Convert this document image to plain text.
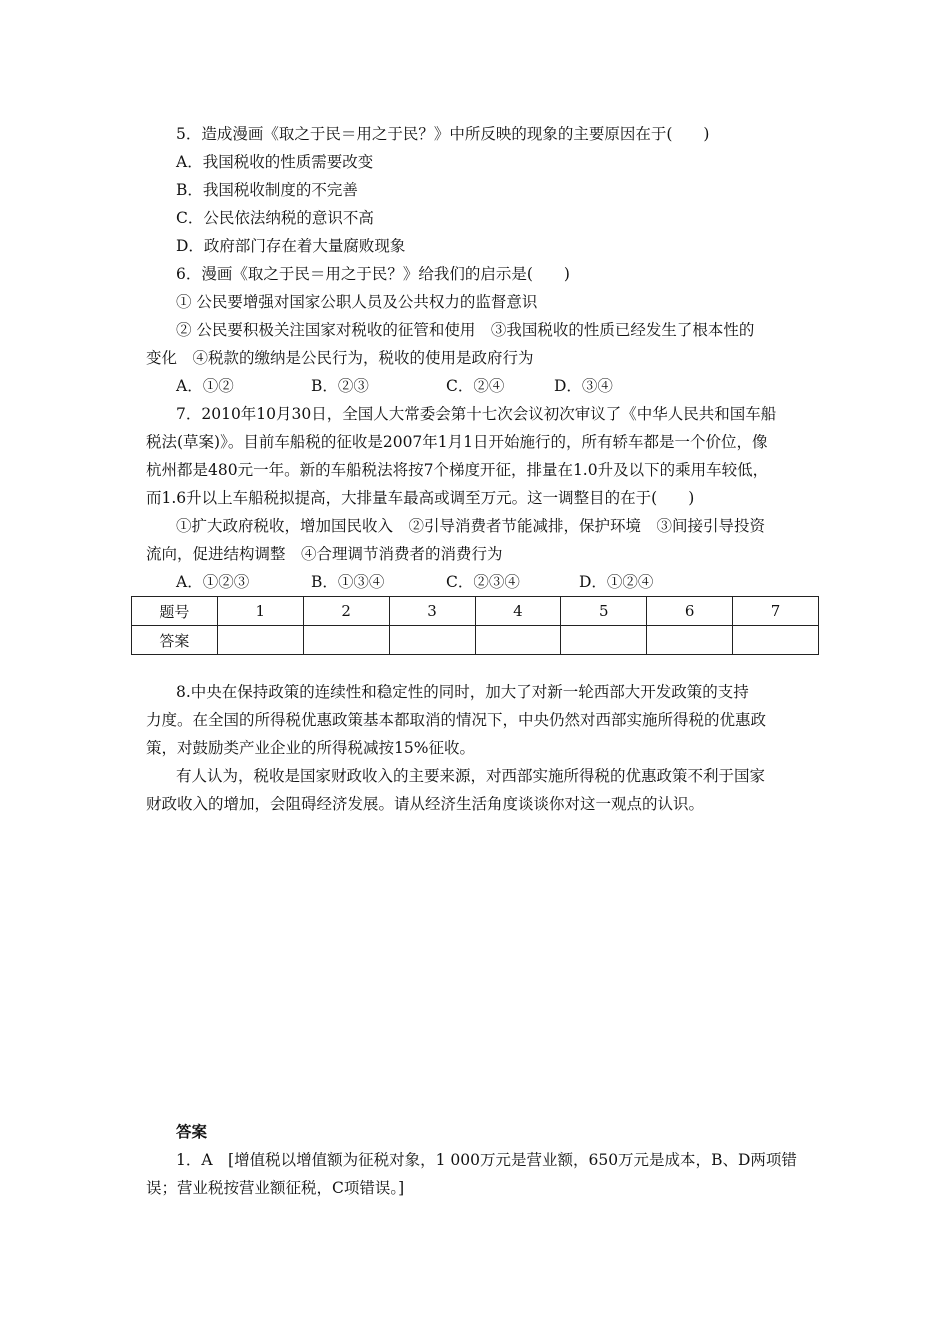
5．造成漫画《取之于民＝用之于民？》中所反映的现象的主要原因在于(　　)
A．我国税收的性质需要改变
B．我国税收制度的不完善
C．公民依法纳税的意识不高
D．政府部门存在着大量腐败现象
6．漫画《取之于民＝用之于民？》给我们的启示是(　　)
① 公民要增强对国家公职人员及公共权力的监督意识
② 公民要积极关注国家对税收的征管和使用　③我国税收的性质已经发生了根本性的
变化　④税款的缴纳是公民行为，税收的使用是政府行为
A．①②	B．②③	C．②④	D．③④
7．2010年10月30日，全国人大常委会第十七次会议初次审议了《中华人民共和国车船
税法(草案)》。目前车船税的征收是2007年1月1日开始施行的，所有轿车都是一个价位，像
杭州都是480元一年。新的车船税法将按7个梯度开征，排量在1.0升及以下的乘用车较低，
而1.6升以上车船税拟提高，大排量车最高或调至万元。这一调整目的在于(　　)
①扩大政府税收，增加国民收入　②引导消费者节能减排，保护环境　③间接引导投资
流向，促进结构调整　④合理调节消费者的消费行为
A．①②③	B．①③④	C．②③④	D．①②④
题号	1	2	3	4	5	6	7
答案							
8.中央在保持政策的连续性和稳定性的同时，加大了对新一轮西部大开发政策的支持
力度。在全国的所得税优惠政策基本都取消的情况下，中央仍然对西部实施所得税的优惠政
策，对鼓励类产业企业的所得税减按15%征收。
有人认为，税收是国家财政收入的主要来源，对西部实施所得税的优惠政策不利于国家
财政收入的增加，会阻碍经济发展。请从经济生活角度谈谈你对这一观点的认识。
答案
1．A　[增值税以增值额为征税对象，1 000万元是营业额，650万元是成本，B、D两项错
误；营业税按营业额征税，C项错误。]
